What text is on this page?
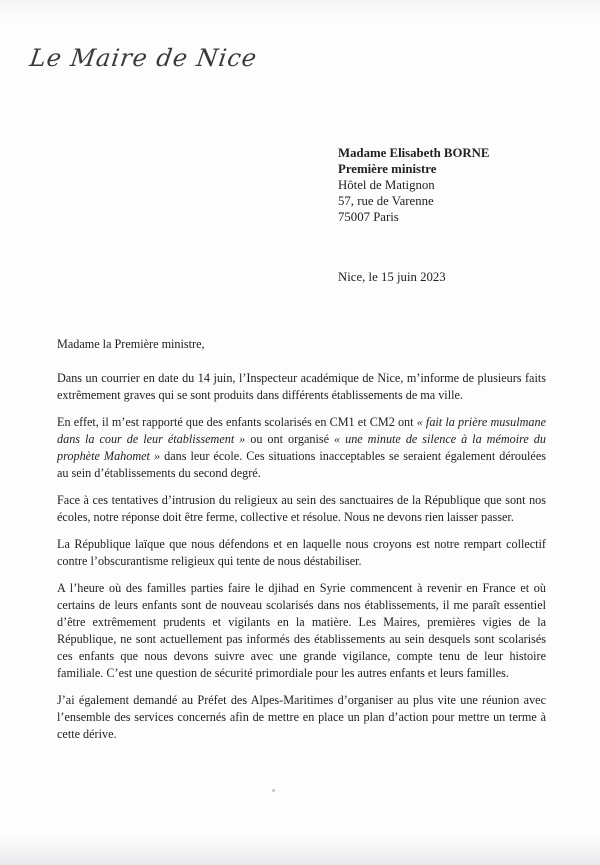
Le Maire de Nice
Madame Elisabeth BORNE
Première ministre
Hôtel de Matignon
57, rue de Varenne
75007 Paris
Nice, le 15 juin 2023

Madame la Première ministre,

Dans un courrier en date du 14 juin, l’Inspecteur académique de Nice, m’informe de plusieurs faits extrêmement graves qui se sont produits dans différents établissements de ma ville.

En effet, il m’est rapporté que des enfants scolarisés en CM1 et CM2 ont « fait la prière musulmane dans la cour de leur établissement » ou ont organisé « une minute de silence à la mémoire du prophète Mahomet » dans leur école. Ces situations inacceptables se seraient également déroulées au sein d’établissements du second degré.

Face à ces tentatives d’intrusion du religieux au sein des sanctuaires de la République que sont nos écoles, notre réponse doit être ferme, collective et résolue. Nous ne devons rien laisser passer.

La République laïque que nous défendons et en laquelle nous croyons est notre rempart collectif contre l’obscurantisme religieux qui tente de nous déstabiliser.

A l’heure où des familles parties faire le djihad en Syrie commencent à revenir en France et où certains de leurs enfants sont de nouveau scolarisés dans nos établissements, il me paraît essentiel d’être extrêmement prudents et vigilants en la matière. Les Maires, premières vigies de la République, ne sont actuellement pas informés des établissements au sein desquels sont scolarisés ces enfants que nous devons suivre avec une grande vigilance, compte tenu de leur histoire familiale. C’est une question de sécurité primordiale pour les autres enfants et leurs familles.

J’ai également demandé au Préfet des Alpes-Maritimes d’organiser au plus vite une réunion avec l’ensemble des services concernés afin de mettre en place un plan d’action pour mettre un terme à cette dérive.
